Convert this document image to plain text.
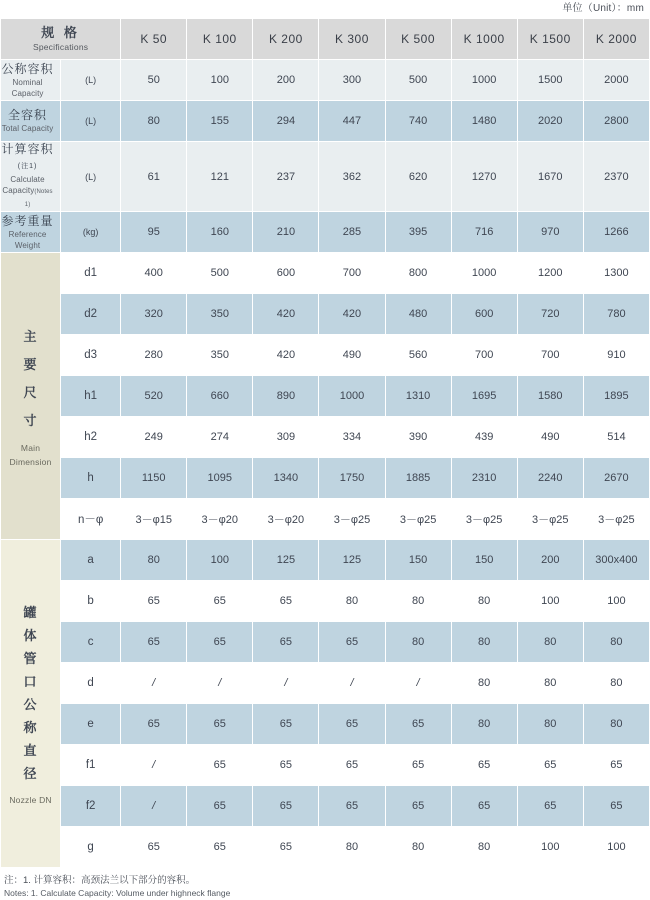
单位（Unit）：mm
规 格
Specifications		K 50	K 100	K 200	K 300	K 500	K 1000	K 1500	K 2000

公称容积
Nominal Capacity	(L)	50	100	200	300	500	1000	1500	2000

全容积
Total Capacity	(L)	80	155	294	447	740	1480	2020	2800

计算容积(注1)
Calculate Capacity(Notes 1)	(L)	61	121	237	362	620	1270	1670	2370

参考重量
Reference Weight	(kg)	95	160	210	285	395	716	970	1266

主
要
尺
寸
Main Dimension	d1	400	500	600	700	800	1000	1200	1300
	d2	320	350	420	420	480	600	720	780
	d3	280	350	420	490	560	700	700	910
	h1	520	660	890	1000	1310	1695	1580	1895
	h2	249	274	309	334	390	439	490	514
	h	1150	1095	1340	1750	1885	2310	2240	2670
	n－φ	3－φ15	3－φ20	3－φ20	3－φ25	3－φ25	3－φ25	3－φ25	3－φ25

罐
体
管
口
公
称
直
径
Nozzle DN
	a	80	100	125	125	150	150	200	300x400
	b	65	65	65	80	80	80	100	100
	c	65	65	65	65	80	80	80	80
	d	/	/	/	/	/	80	80	80
	e	65	65	65	65	65	80	80	80
	f1	/	65	65	65	65	65	65	65
	f2	/	65	65	65	65	65	65	65
	g	65	65	65	80	80	80	100	100
注：1. 计算容积：高颈法兰以下部分的容积。
Notes: 1. Calculate Capacity: Volume under highneck flange
